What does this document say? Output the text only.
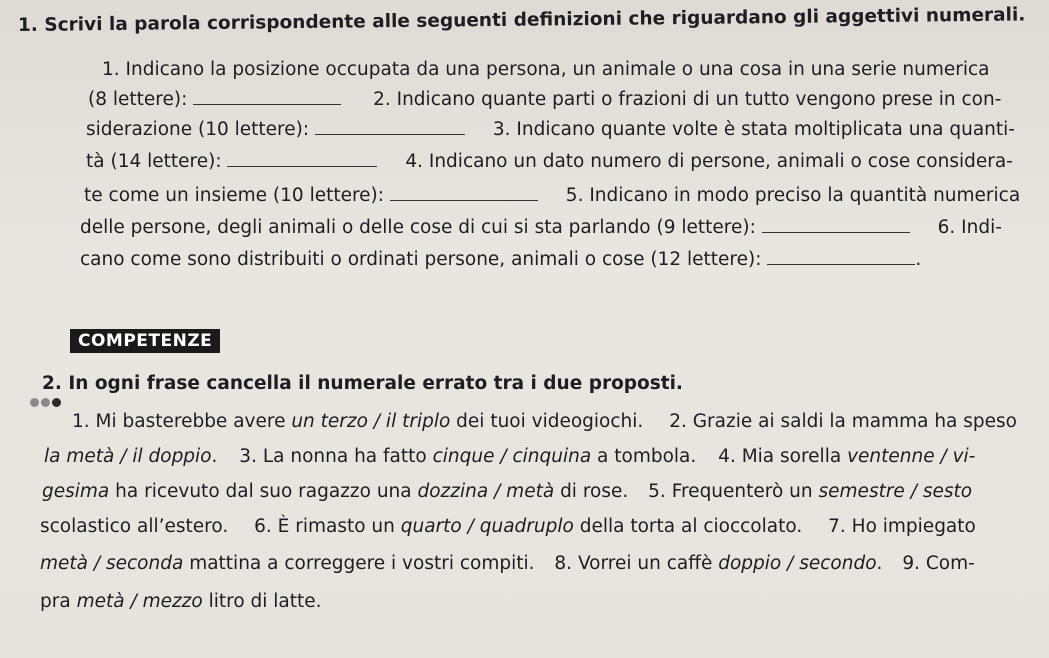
1. Scrivi la parola corrispondente alle seguenti definizioni che riguardano gli aggettivi numerali.
1. Indicano la posizione occupata da una persona, un animale o una cosa in una serie numerica
(8 lettere):	2. Indicano quante parti o frazioni di un tutto vengono prese in con-
siderazione (10 lettere):	3. Indicano quante volte è stata moltiplicata una quanti-
tà (14 lettere):	4. Indicano un dato numero di persone, animali o cose considera-
te come un insieme (10 lettere):	5. Indicano in modo preciso la quantità numerica
delle persone, degli animali o delle cose di cui si sta parlando (9 lettere):	6. Indi-
cano come sono distribuiti o ordinati persone, animali o cose (12 lettere):	.
COMPETENZE
2. In ogni frase cancella il numerale errato tra i due proposti.
1. Mi basterebbe avere un terzo / il triplo dei tuoi videogiochi. 2. Grazie ai saldi la mamma ha speso
la metà / il doppio. 3. La nonna ha fatto cinque / cinquina a tombola. 4. Mia sorella ventenne / vi-
gesima ha ricevuto dal suo ragazzo una dozzina / metà di rose. 5. Frequenterò un semestre / sesto
scolastico all’estero. 6. È rimasto un quarto / quadruplo della torta al cioccolato. 7. Ho impiegato
metà / seconda mattina a correggere i vostri compiti. 8. Vorrei un caffè doppio / secondo. 9. Com-
pra metà / mezzo litro di latte.
